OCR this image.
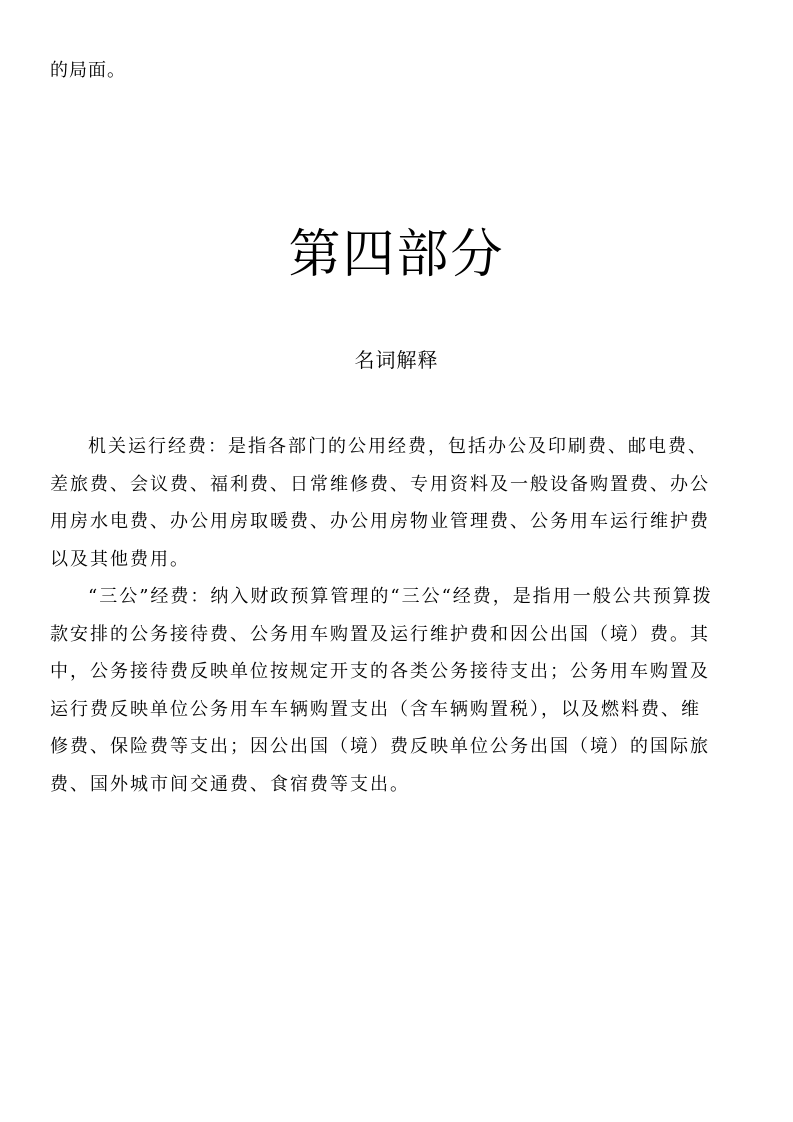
的局面。
第四部分
名词解释
机关运行经费：是指各部门的公用经费，包括办公及印刷费、邮电费、
差旅费、会议费、福利费、日常维修费、专用资料及一般设备购置费、办公
用房水电费、办公用房取暖费、办公用房物业管理费、公务用车运行维护费
以及其他费用。
“三公”经费：纳入财政预算管理的“三公“经费，是指用一般公共预算拨
款安排的公务接待费、公务用车购置及运行维护费和因公出国（境）费。其
中，公务接待费反映单位按规定开支的各类公务接待支出；公务用车购置及
运行费反映单位公务用车车辆购置支出（含车辆购置税），以及燃料费、维
修费、保险费等支出；因公出国（境）费反映单位公务出国（境）的国际旅
费、国外城市间交通费、食宿费等支出。
